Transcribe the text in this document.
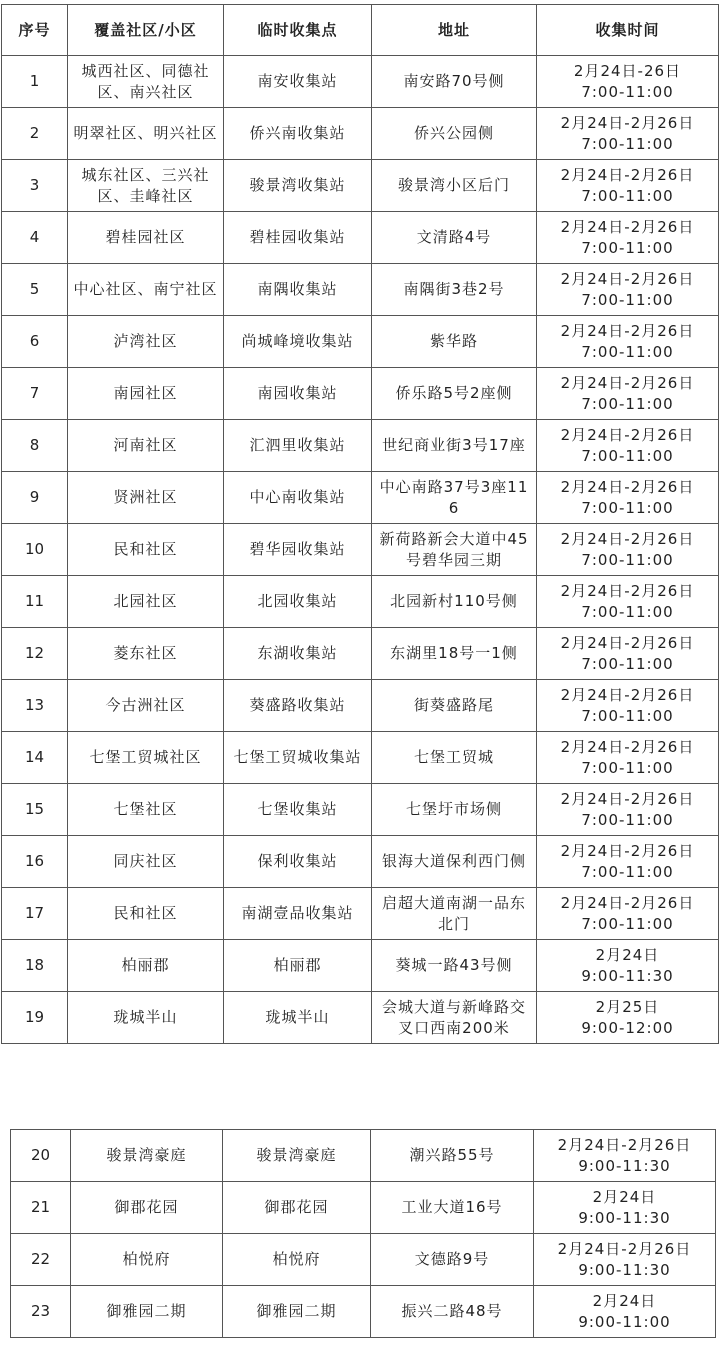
序号	覆盖社区/小区	临时收集点	地址	收集时间
1	城西社区、同德社区、南兴社区	南安收集站	南安路70号侧	2月24日-26日
7:00-11:00

2	明翠社区、明兴社区	侨兴南收集站	侨兴公园侧	2月24日-2月26日
7:00-11:00

3	城东社区、三兴社区、圭峰社区	骏景湾收集站	骏景湾小区后门	2月24日-2月26日
7:00-11:00

4	碧桂园社区	碧桂园收集站	文清路4号	2月24日-2月26日
7:00-11:00

5	中心社区、南宁社区	南隅收集站	南隅街3巷2号	2月24日-2月26日
7:00-11:00

6	泸湾社区	尚城峰境收集站	紫华路	2月24日-2月26日
7:00-11:00

7	南园社区	南园收集站	侨乐路5号2座侧	2月24日-2月26日
7:00-11:00

8	河南社区	汇泗里收集站	世纪商业街3号17座	2月24日-2月26日
7:00-11:00

9	贤洲社区	中心南收集站	中心南路37号3座116	2月24日-2月26日
7:00-11:00

10	民和社区	碧华园收集站	新荷路新会大道中45号碧华园三期	2月24日-2月26日
7:00-11:00

11	北园社区	北园收集站	北园新村110号侧	2月24日-2月26日
7:00-11:00

12	菱东社区	东湖收集站	东湖里18号一1侧	2月24日-2月26日
7:00-11:00

13	今古洲社区	葵盛路收集站	街葵盛路尾	2月24日-2月26日
7:00-11:00

14	七堡工贸城社区	七堡工贸城收集站	七堡工贸城	2月24日-2月26日
7:00-11:00

15	七堡社区	七堡收集站	七堡圩市场侧	2月24日-2月26日
7:00-11:00

16	同庆社区	保利收集站	银海大道保利西门侧	2月24日-2月26日
7:00-11:00

17	民和社区	南湖壹品收集站	启超大道南湖一品东北门	2月24日-2月26日
7:00-11:00

18	柏丽郡	柏丽郡	葵城一路43号侧	2月24日
9:00-11:30

19	珑城半山	珑城半山	会城大道与新峰路交叉口西南200米	2月25日
9:00-12:00
20	骏景湾豪庭	骏景湾豪庭	潮兴路55号	2月24日-2月26日
9:00-11:30

21	御郡花园	御郡花园	工业大道16号	2月24日
9:00-11:30

22	柏悦府	柏悦府	文德路9号	2月24日-2月26日
9:00-11:30

23	御雅园二期	御雅园二期	振兴二路48号	2月24日
9:00-11:00
